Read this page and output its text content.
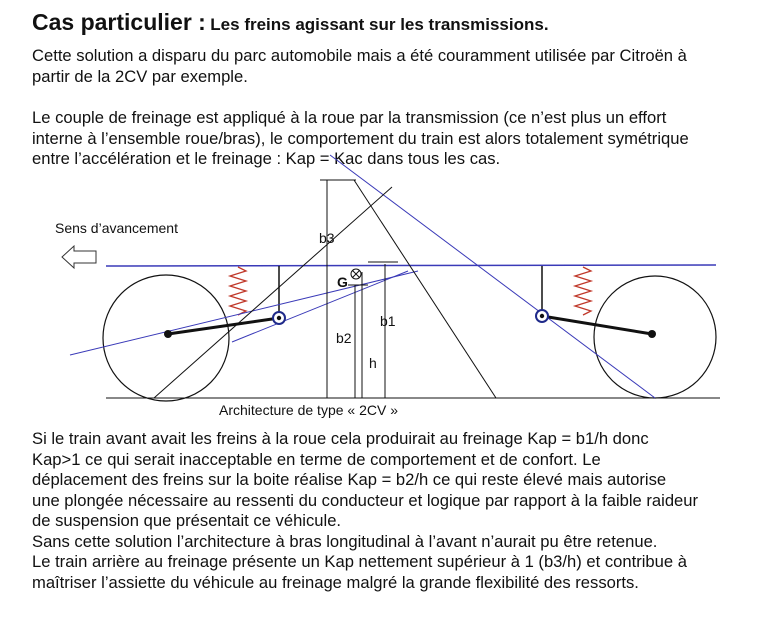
Cas particulier : Les freins agissant sur les transmissions.
Cette solution a disparu du parc automobile mais a été couramment utilisée par Citroën à
partir de la 2CV par exemple.
Le couple de freinage est appliqué à la roue par la transmission (ce n’est plus un effort
interne à l’ensemble roue/bras), le comportement du train est alors totalement symétrique
entre l’accélération et le freinage : Kap = Kac dans tous les cas.
Sens d’avancement
b3
G
b1
b2
h
Architecture de type « 2CV »
Si le train avant avait les freins à la roue cela produirait au freinage Kap = b1/h donc
Kap>1 ce qui serait inacceptable en terme de comportement et de confort. Le
déplacement des freins sur la boite réalise Kap = b2/h ce qui reste élevé mais autorise
une plongée nécessaire au ressenti du conducteur et logique par rapport à la faible raideur
de suspension que présentait ce véhicule.
Sans cette solution l’architecture à bras longitudinal à l’avant n’aurait pu être retenue.
Le train arrière au freinage présente un Kap nettement supérieur à 1 (b3/h) et contribue à
maîtriser l’assiette du véhicule au freinage malgré la grande flexibilité des ressorts.
